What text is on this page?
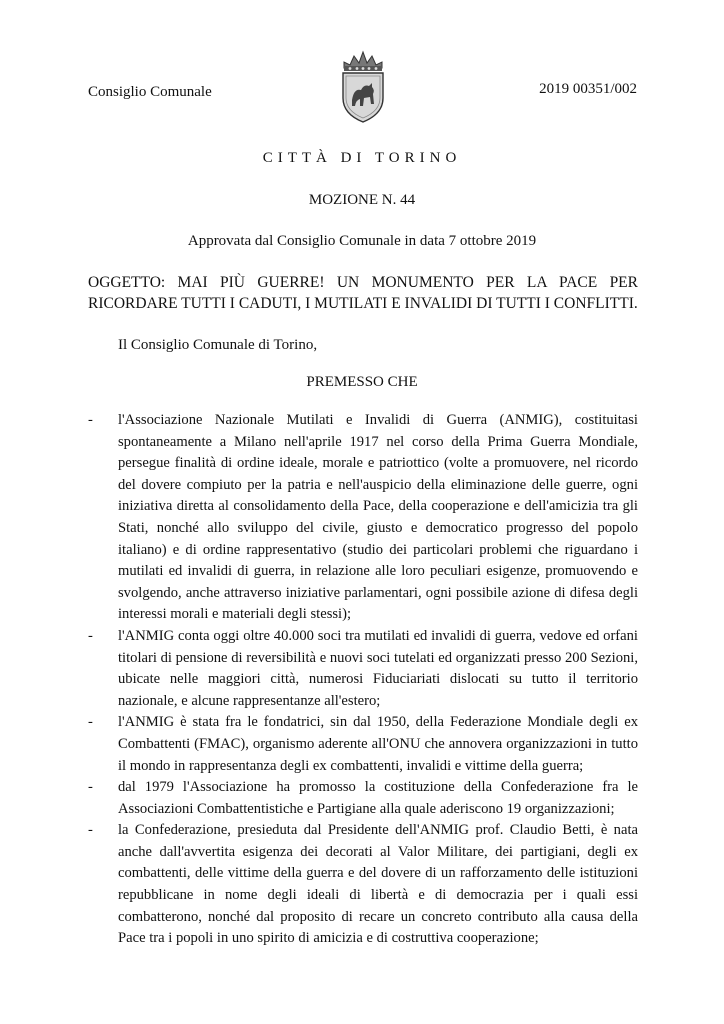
Consiglio Comunale	2019 00351/002
CITTÀ DI TORINO
MOZIONE N. 44
Approvata dal Consiglio Comunale in data 7 ottobre 2019
OGGETTO: MAI PIÙ GUERRE! UN MONUMENTO PER LA PACE PER RICORDARE TUTTI I CADUTI, I MUTILATI E INVALIDI DI TUTTI I CONFLITTI.
Il Consiglio Comunale di Torino,
PREMESSO CHE
-	l'Associazione Nazionale Mutilati e Invalidi di Guerra (ANMIG), costituitasi spontaneamente a Milano nell'aprile 1917 nel corso della Prima Guerra Mondiale, persegue finalità di ordine ideale, morale e patriottico (volte a promuovere, nel ricordo del dovere compiuto per la patria e nell'auspicio della eliminazione delle guerre, ogni iniziativa diretta al consolidamento della Pace, della cooperazione e dell'amicizia tra gli Stati, nonché allo sviluppo del civile, giusto e democratico progresso del popolo italiano) e di ordine rappresentativo (studio dei particolari problemi che riguardano i mutilati ed invalidi di guerra, in relazione alle loro peculiari esigenze, promuovendo e svolgendo, anche attraverso iniziative parlamentari, ogni possibile azione di difesa degli interessi morali e materiali degli stessi);
-	l'ANMIG conta oggi oltre 40.000 soci tra mutilati ed invalidi di guerra, vedove ed orfani titolari di pensione di reversibilità e nuovi soci tutelati ed organizzati presso 200 Sezioni, ubicate nelle maggiori città, numerosi Fiduciariati dislocati su tutto il territorio nazionale, e alcune rappresentanze all'estero;
-	l'ANMIG è stata fra le fondatrici, sin dal 1950, della Federazione Mondiale degli ex Combattenti (FMAC), organismo aderente all'ONU che annovera organizzazioni in tutto il mondo in rappresentanza degli ex combattenti, invalidi e vittime della guerra;
-	dal 1979 l'Associazione ha promosso la costituzione della Confederazione fra le Associazioni Combattentistiche e Partigiane alla quale aderiscono 19 organizzazioni;
-	la Confederazione, presieduta dal Presidente dell'ANMIG prof. Claudio Betti, è nata anche dall'avvertita esigenza dei decorati al Valor Militare, dei partigiani, degli ex combattenti, delle vittime della guerra e del dovere di un rafforzamento delle istituzioni repubblicane in nome degli ideali di libertà e di democrazia per i quali essi combatterono, nonché dal proposito di recare un concreto contributo alla causa della Pace tra i popoli in uno spirito di amicizia e di costruttiva cooperazione;
